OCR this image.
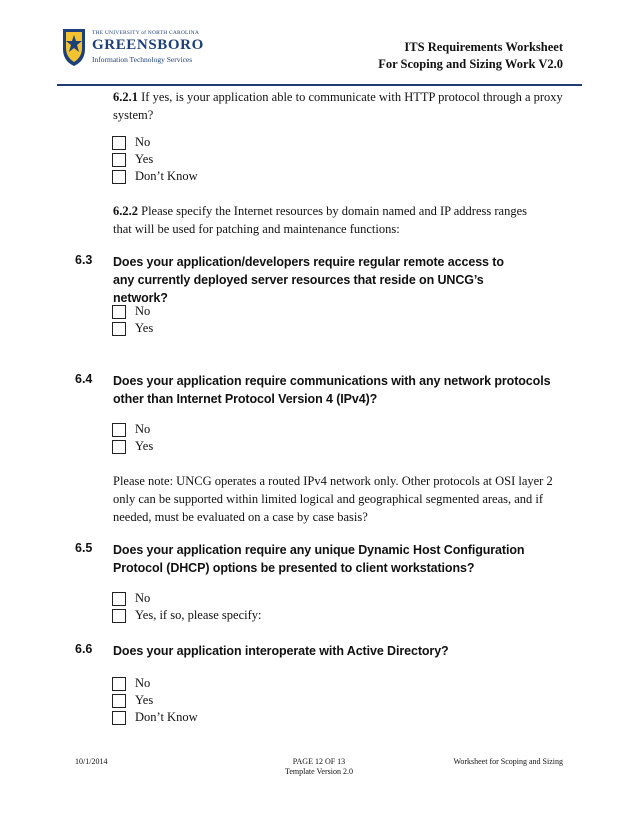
THE UNIVERSITY of NORTH CAROLINA
GREENSBORO
Information Technology Services
ITS Requirements Worksheet
For Scoping and Sizing Work V2.0
6.2.1 If yes, is your application able to communicate with HTTP protocol through a proxy system?
No
Yes
Don’t Know
6.2.2 Please specify the Internet resources by domain named and IP address ranges that will be used for patching and maintenance functions:
6.3 Does your application/developers require regular remote access to any currently deployed server resources that reside on UNCG’s network?
No
Yes
6.4 Does your application require communications with any network protocols other than Internet Protocol Version 4 (IPv4)?
No
Yes
Please note: UNCG operates a routed IPv4 network only. Other protocols at OSI layer 2 only can be supported within limited logical and geographical segmented areas, and if needed, must be evaluated on a case by case basis?
6.5 Does your application require any unique Dynamic Host Configuration Protocol (DHCP) options be presented to client workstations?
No
Yes, if so, please specify:
6.6 Does your application interoperate with Active Directory?
No
Yes
Don’t Know
10/1/2014	PAGE 12 OF 13
Template Version 2.0
Worksheet for Scoping and Sizing
